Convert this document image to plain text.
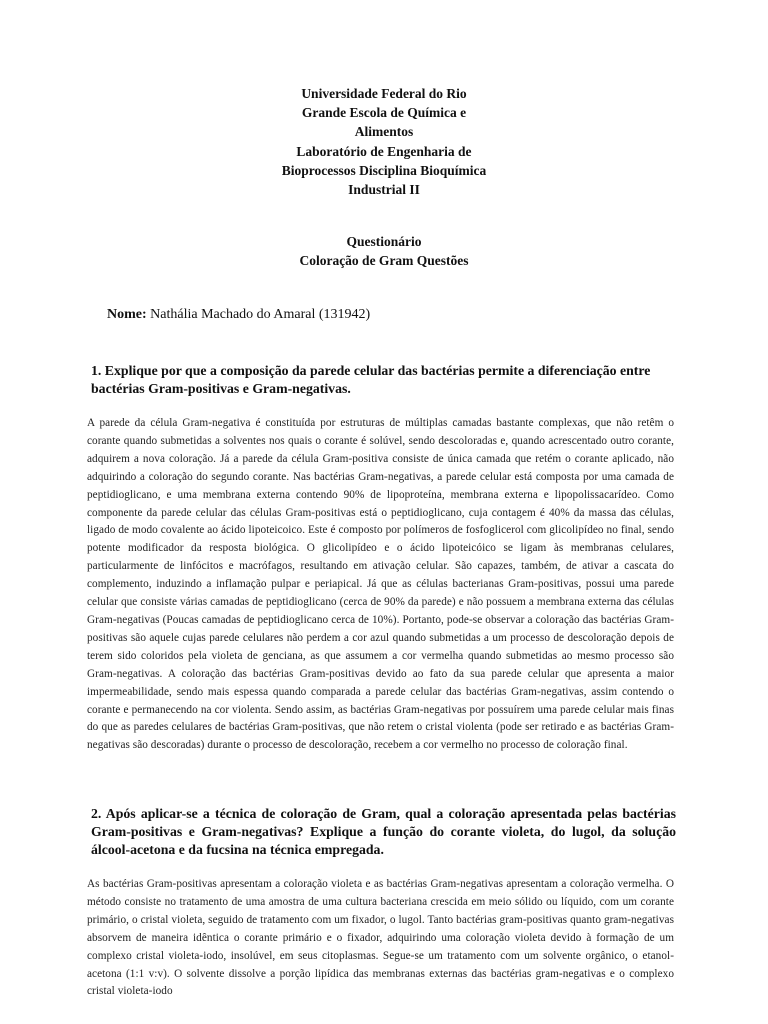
Universidade Federal do Rio
Grande Escola de Química e
Alimentos
Laboratório de Engenharia de
Bioprocessos Disciplina Bioquímica
Industrial II
Questionário
Coloração de Gram Questões
Nome: Nathália Machado do Amaral (131942)
1. Explique por que a composição da parede celular das bactérias permite a diferenciação entre bactérias Gram-positivas e Gram-negativas.
A parede da célula Gram-negativa é constituída por estruturas de múltiplas camadas bastante complexas, que não retêm o corante quando submetidas a solventes nos quais o corante é solúvel, sendo descoloradas e, quando acrescentado outro corante, adquirem a nova coloração. Já a parede da célula Gram-positiva consiste de única camada que retém o corante aplicado, não adquirindo a coloração do segundo corante. Nas bactérias Gram-negativas, a parede celular está composta por uma camada de peptidioglicano, e uma membrana externa contendo 90% de lipoproteína, membrana externa e lipopolissacarídeo. Como componente da parede celular das células Gram-positivas está o peptidioglicano, cuja contagem é 40% da massa das células, ligado de modo covalente ao ácido lipoteicoico. Este é composto por polímeros de fosfoglicerol com glicolipídeo no final, sendo potente modificador da resposta biológica. O glicolipídeo e o ácido lipoteicóico se ligam às membranas celulares, particularmente de linfócitos e macrófagos, resultando em ativação celular. São capazes, também, de ativar a cascata do complemento, induzindo a inflamação pulpar e periapical. Já que as células bacterianas Gram-positivas, possui uma parede celular que consiste várias camadas de peptidioglicano (cerca de 90% da parede) e não possuem a membrana externa das células Gram-negativas (Poucas camadas de peptidioglicano cerca de 10%). Portanto, pode-se observar a coloração das bactérias Gram-positivas são aquele cujas parede celulares não perdem a cor azul quando submetidas a um processo de descoloração depois de terem sido coloridos pela violeta de genciana, as que assumem a cor vermelha quando submetidas ao mesmo processo são Gram-negativas. A coloração das bactérias Gram-positivas devido ao fato da sua parede celular que apresenta a maior impermeabilidade, sendo mais espessa quando comparada a parede celular das bactérias Gram-negativas, assim contendo o corante e permanecendo na cor violenta. Sendo assim, as bactérias Gram-negativas por possuírem uma parede celular mais finas do que as paredes celulares de bactérias Gram-positivas, que não retem o cristal violenta (pode ser retirado e as bactérias Gram-negativas são descoradas) durante o processo de descoloração, recebem a cor vermelho no processo de coloração final.
2. Após aplicar-se a técnica de coloração de Gram, qual a coloração apresentada pelas bactérias Gram-positivas e Gram-negativas? Explique a função do corante violeta, do lugol, da solução álcool-acetona e da fucsina na técnica empregada.
As bactérias Gram-positivas apresentam a coloração violeta e as bactérias Gram-negativas apresentam a coloração vermelha. O método consiste no tratamento de uma amostra de uma cultura bacteriana crescida em meio sólido ou líquido, com um corante primário, o cristal violeta, seguido de tratamento com um fixador, o lugol. Tanto bactérias gram-positivas quanto gram-negativas absorvem de maneira idêntica o corante primário e o fixador, adquirindo uma coloração violeta devido à formação de um complexo cristal violeta-iodo, insolúvel, em seus citoplasmas. Segue-se um tratamento com um solvente orgânico, o etanol-acetona (1:1 v:v). O solvente dissolve a porção lipídica das membranas externas das bactérias gram-negativas e o complexo cristal violeta-iodo
